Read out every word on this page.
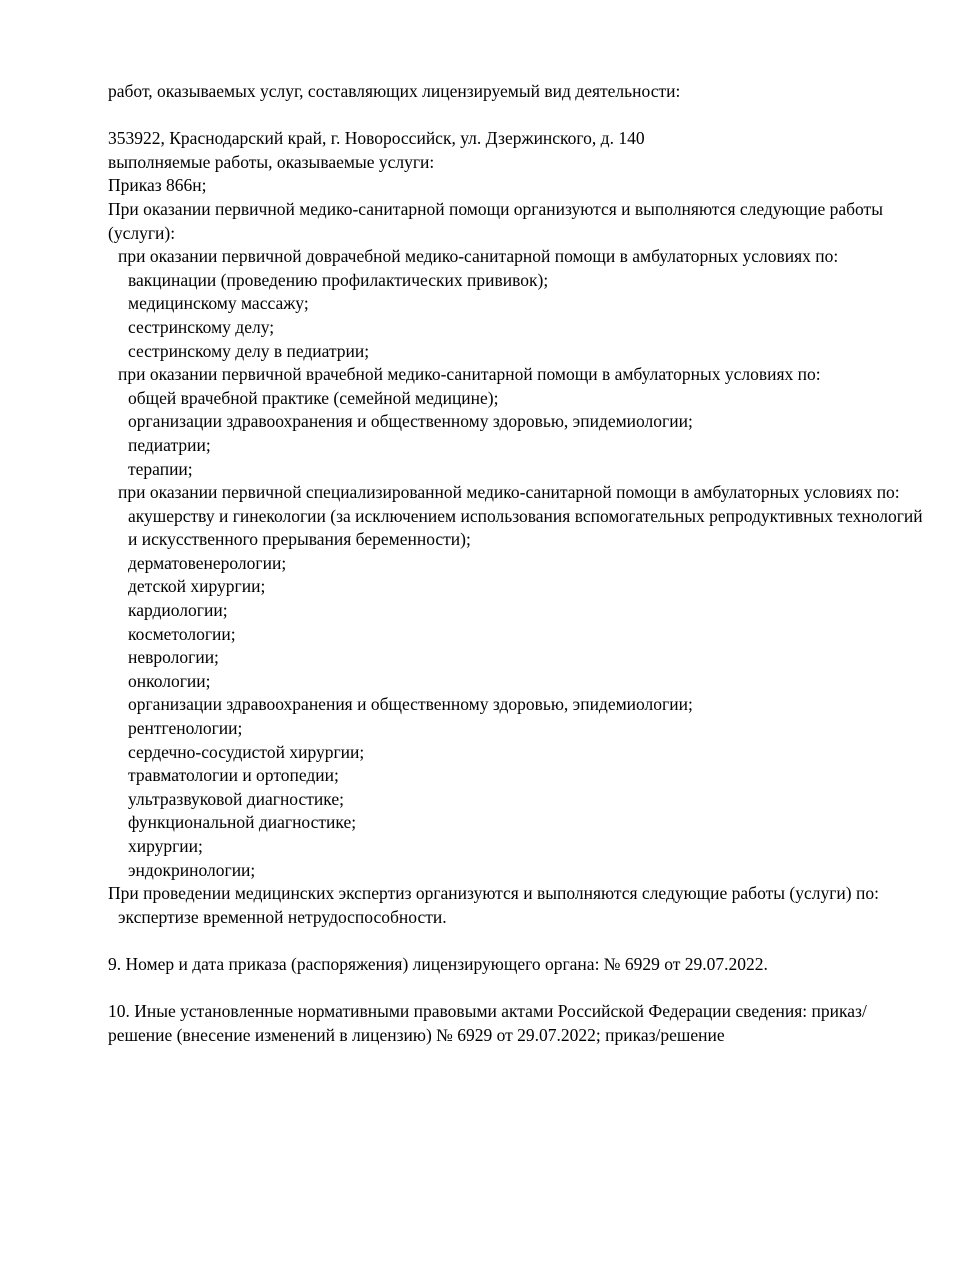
работ, оказываемых услуг, составляющих лицензируемый вид деятельности:
353922, Краснодарский край, г. Новороссийск, ул. Дзержинского, д. 140
выполняемые работы, оказываемые услуги:
Приказ 866н;
При оказании первичной медико-санитарной помощи организуются и выполняются следующие работы (услуги):
при оказании первичной доврачебной медико-санитарной помощи в амбулаторных условиях по:
вакцинации (проведению профилактических прививок);
медицинскому массажу;
сестринскому делу;
сестринскому делу в педиатрии;
при оказании первичной врачебной медико-санитарной помощи в амбулаторных условиях по:
общей врачебной практике (семейной медицине);
организации здравоохранения и общественному здоровью, эпидемиологии;
педиатрии;
терапии;
при оказании первичной специализированной медико-санитарной помощи в амбулаторных условиях по:
акушерству и гинекологии (за исключением использования вспомогательных репродуктивных технологий и искусственного прерывания беременности);
дерматовенерологии;
детской хирургии;
кардиологии;
косметологии;
неврологии;
онкологии;
организации здравоохранения и общественному здоровью, эпидемиологии;
рентгенологии;
сердечно-сосудистой хирургии;
травматологии и ортопедии;
ультразвуковой диагностике;
функциональной диагностике;
хирургии;
эндокринологии;
При проведении медицинских экспертиз организуются и выполняются следующие работы (услуги) по:
экспертизе временной нетрудоспособности.
9. Номер и дата приказа (распоряжения) лицензирующего органа: № 6929 от 29.07.2022.
10. Иные установленные нормативными правовыми актами Российской Федерации сведения: приказ/решение (внесение изменений в лицензию) № 6929 от 29.07.2022; приказ/решение
